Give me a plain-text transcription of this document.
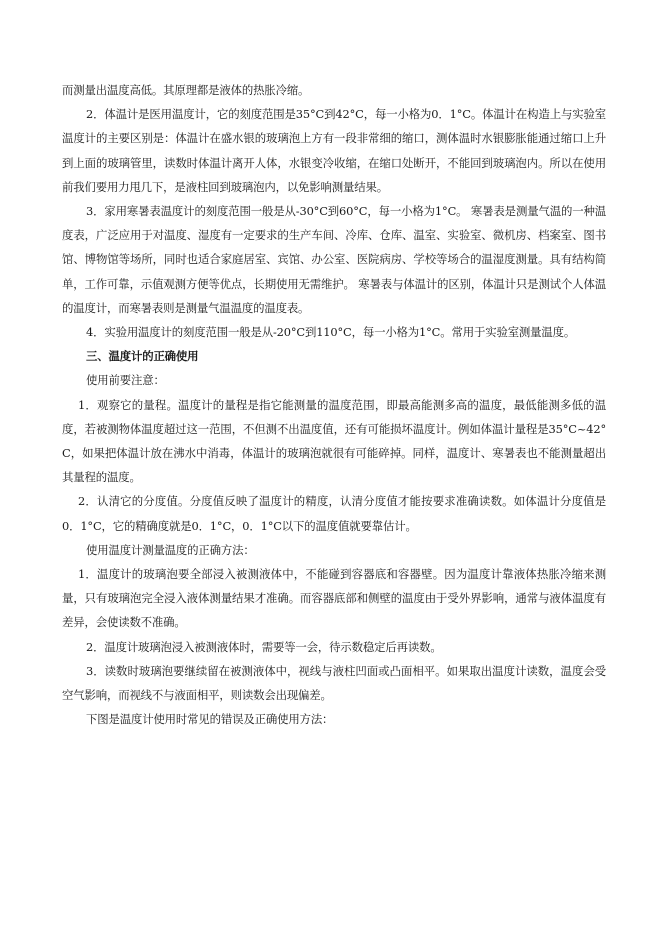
而测量出温度高低。其原理都是液体的热胀冷缩。

2．体温计是医用温度计，它的刻度范围是35°C到42°C，每一小格为0．1°C。体温计在构造上与实验室温度计的主要区别是：体温计在盛水银的玻璃泡上方有一段非常细的缩口，测体温时水银膨胀能通过缩口上升到上面的玻璃管里，读数时体温计离开人体，水银变冷收缩，在缩口处断开，不能回到玻璃泡内。所以在使用前我们要用力甩几下，是液柱回到玻璃泡内，以免影响测量结果。

3．家用寒暑表温度计的刻度范围一般是从-30°C到60°C，每一小格为1°C。 寒暑表是测量气温的一种温度表，广泛应用于对温度、湿度有一定要求的生产车间、冷库、仓库、温室、实验室、微机房、档案室、图书馆、博物馆等场所，同时也适合家庭居室、宾馆、办公室、医院病房、学校等场合的温湿度测量。具有结构简单，工作可靠，示值观测方便等优点，长期使用无需维护。 寒暑表与体温计的区别，体温计只是测试个人体温的温度计，而寒暑表则是测量气温温度的温度表。

4．实验用温度计的刻度范围一般是从-20°C到110°C，每一小格为1°C。常用于实验室测量温度。

三、温度计的正确使用

使用前要注意：

1．观察它的量程。温度计的量程是指它能测量的温度范围，即最高能测多高的温度，最低能测多低的温度，若被测物体温度超过这一范围，不但测不出温度值，还有可能损坏温度计。例如体温计量程是35°C~42°C，如果把体温计放在沸水中消毒，体温计的玻璃泡就很有可能碎掉。同样，温度计、寒暑表也不能测量超出其量程的温度。

2．认清它的分度值。分度值反映了温度计的精度，认清分度值才能按要求准确读数。如体温计分度值是0．1°C，它的精确度就是0．1°C，0．1°C以下的温度值就要靠估计。

使用温度计测量温度的正确方法：

1．温度计的玻璃泡要全部浸入被测液体中，不能碰到容器底和容器壁。因为温度计靠液体热胀冷缩来测量，只有玻璃泡完全浸入液体测量结果才准确。而容器底部和侧壁的温度由于受外界影响，通常与液体温度有差异，会使读数不准确。

2．温度计玻璃泡浸入被测液体时，需要等一会，待示数稳定后再读数。

3．读数时玻璃泡要继续留在被测液体中，视线与液柱凹面或凸面相平。如果取出温度计读数，温度会受空气影响，而视线不与液面相平，则读数会出现偏差。

下图是温度计使用时常见的错误及正确使用方法：
